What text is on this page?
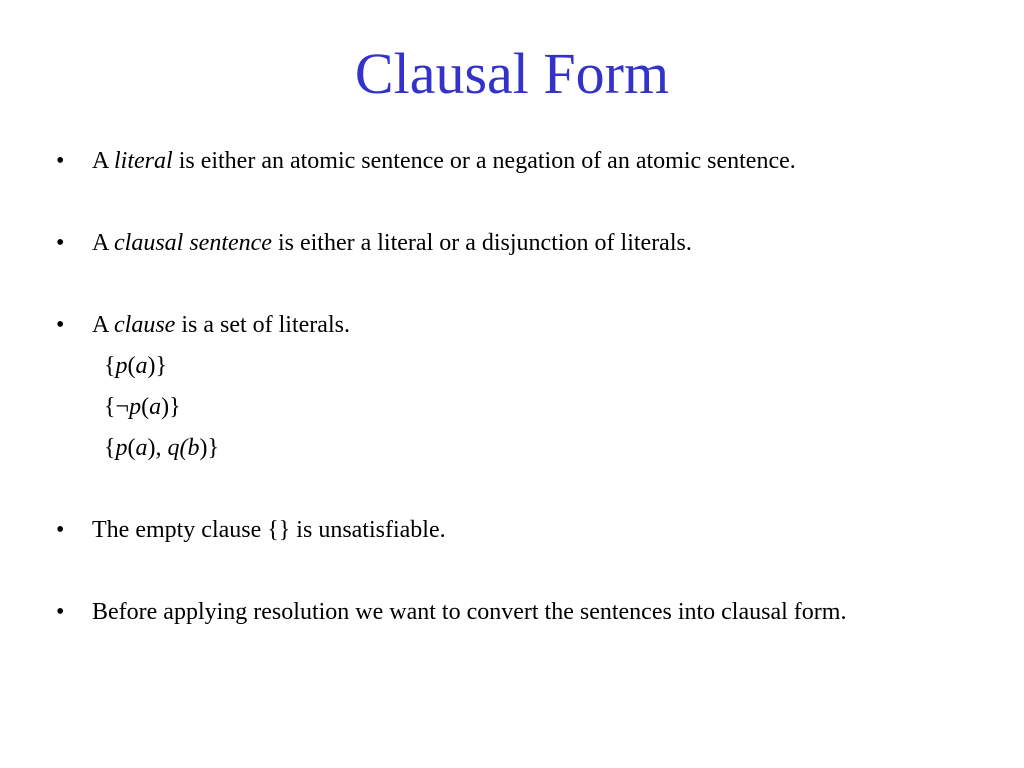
Clausal Form
• A literal is either an atomic sentence or a negation of an atomic sentence.
• A clausal sentence is either a literal or a disjunction of literals.
• A clause is a set of literals.
{p(a)}
{¬p(a)}
{p(a), q(b)}
• The empty clause {} is unsatisfiable.
• Before applying resolution we want to convert the sentences into clausal form.
